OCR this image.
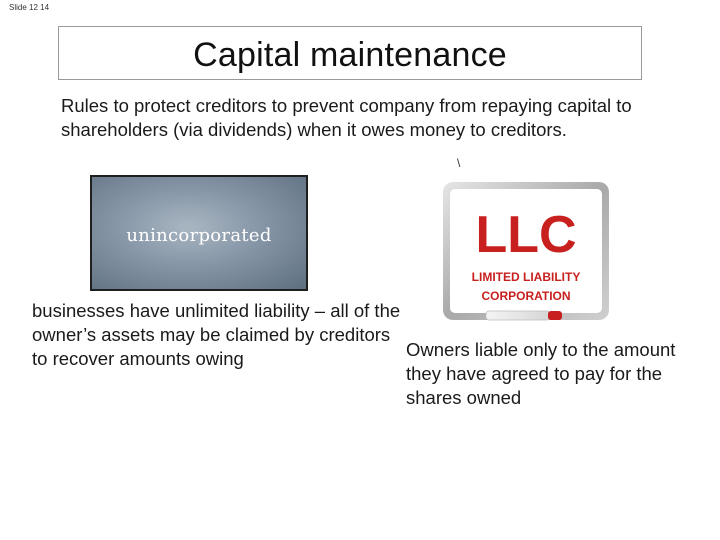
Slide 12 14
Capital maintenance
Rules to protect creditors to prevent company from repaying capital to shareholders (via dividends) when it owes money to creditors.
\
unincorporated
businesses have unlimited liability – all of the owner’s assets may be claimed by creditors to recover amounts owing
LLC
LIMITED LIABILITY
CORPORATION
Owners liable only to the amount they have agreed to pay for the shares owned
